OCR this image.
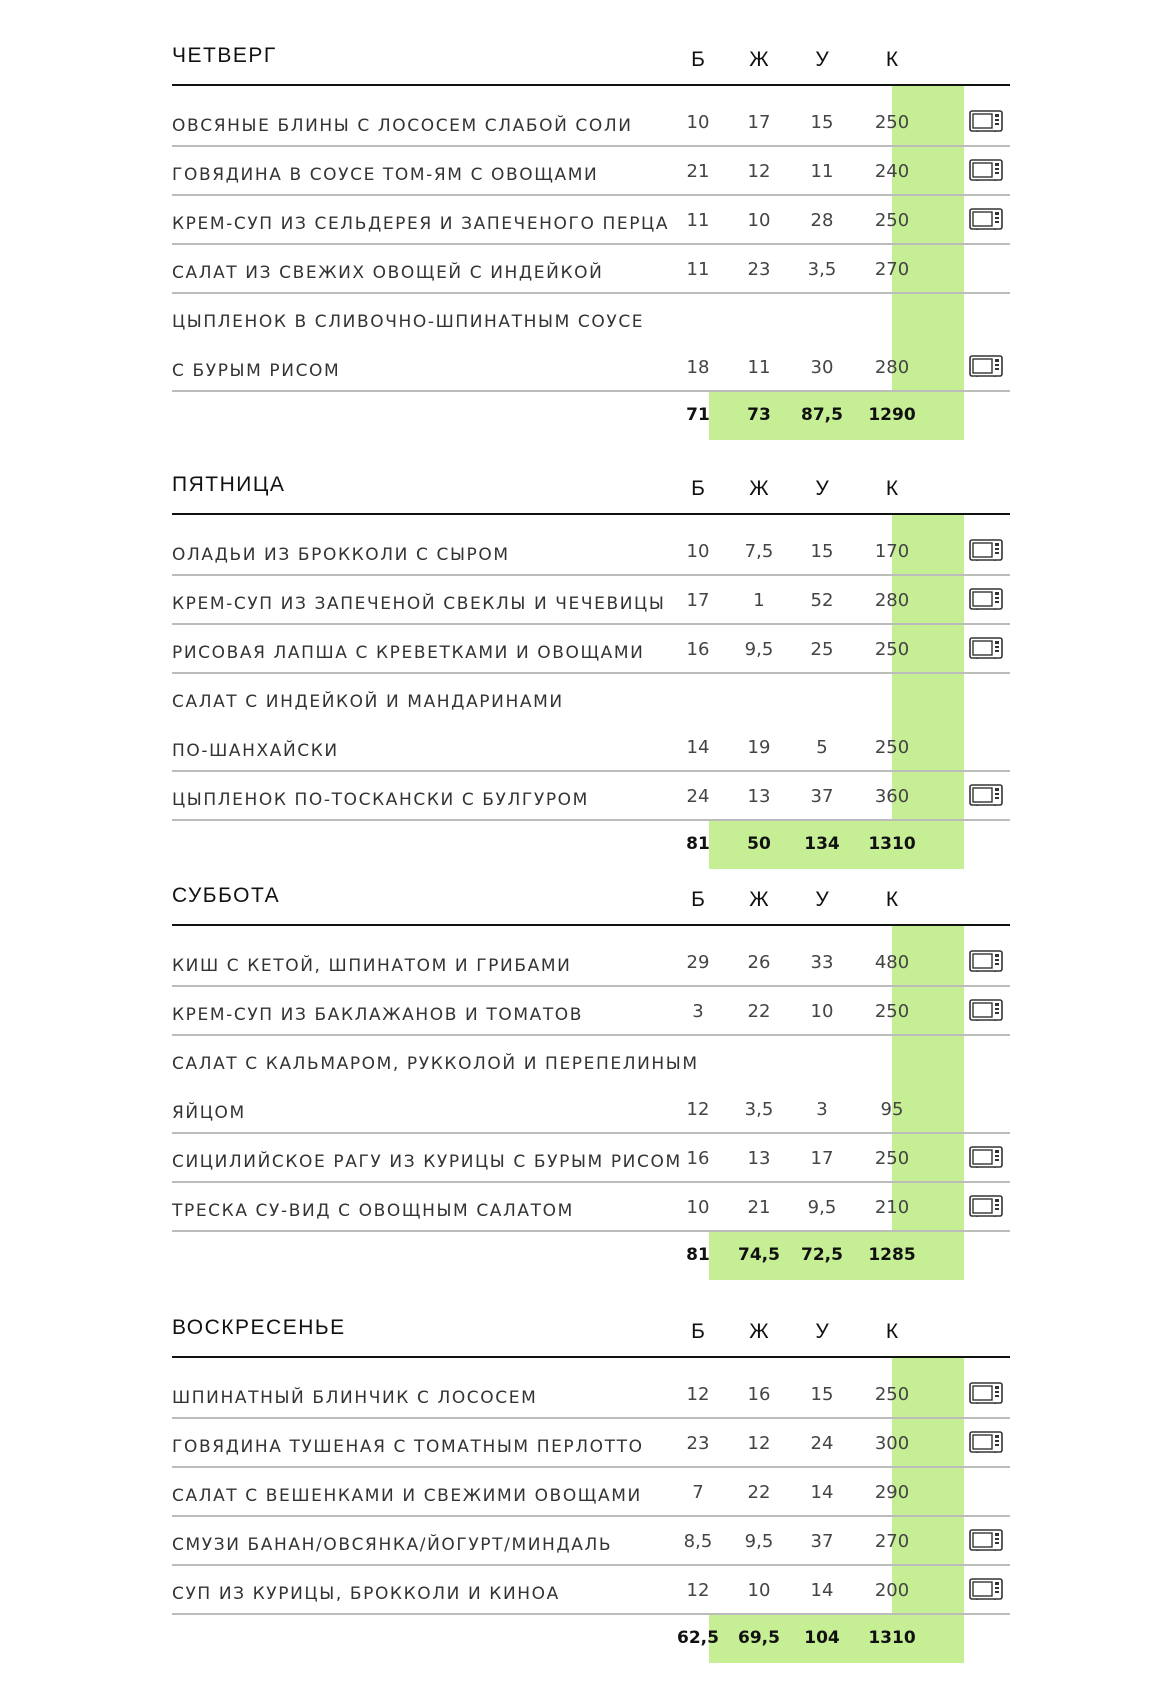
ЧЕТВЕРГ	Б	Ж	У	К
ОВСЯНЫЕ БЛИНЫ С ЛОСОСЕМ СЛАБОЙ СОЛИ	10	17	15	250
ГОВЯДИНА В СОУСЕ ТОМ-ЯМ С ОВОЩАМИ	21	12	11	240
КРЕМ-СУП ИЗ СЕЛЬДЕРЕЯ И ЗАПЕЧЕНОГО ПЕРЦА 11	10	28	250
САЛАТ ИЗ СВЕЖИХ ОВОЩЕЙ С ИНДЕЙКОЙ	11	23	3,5	270
ЦЫПЛЕНОК В СЛИВОЧНО-ШПИНАТНЫМ СОУСЕ
С БУРЫМ РИСОМ	18	11	30	280
71	73	87,5	1290
ПЯТНИЦА	Б	Ж	У	К
ОЛАДЬИ ИЗ БРОККОЛИ С СЫРОМ	10	7,5	15	170
КРЕМ-СУП ИЗ ЗАПЕЧЕНОЙ СВЕКЛЫ И ЧЕЧЕВИЦЫ	17	1	52	280
РИСОВАЯ ЛАПША С КРЕВЕТКАМИ И ОВОЩАМИ	16	9,5	25	250
САЛАТ С ИНДЕЙКОЙ И МАНДАРИНАМИ
ПО-ШАНХАЙСКИ	14	19	5	250
ЦЫПЛЕНОК ПО-ТОСКАНСКИ С БУЛГУРОМ	24	13	37	360
81	50	134	1310
СУББОТА	Б	Ж	У	К
КИШ С КЕТОЙ, ШПИНАТОМ И ГРИБАМИ	29	26	33	480
КРЕМ-СУП ИЗ БАКЛАЖАНОВ И ТОМАТОВ	3	22	10	250
САЛАТ С КАЛЬМАРОМ, РУККОЛОЙ И ПЕРЕПЕЛИНЫМ
ЯЙЦОМ	12	3,5	3	95
СИЦИЛИЙСКОЕ РАГУ ИЗ КУРИЦЫ С БУРЫМ РИСОМ 16	13	17	250
ТРЕСКА СУ-ВИД С ОВОЩНЫМ САЛАТОМ	10	21	9,5	210
81	74,5	72,5	1285
ВОСКРЕСЕНЬЕ	Б	Ж	У	К
ШПИНАТНЫЙ БЛИНЧИК С ЛОСОСЕМ	12	16	15	250
ГОВЯДИНА ТУШЕНАЯ С ТОМАТНЫМ ПЕРЛОТТО	23	12	24	300
САЛАТ С ВЕШЕНКАМИ И СВЕЖИМИ ОВОЩАМИ	7	22	14	290
СМУЗИ БАНАН/ОВСЯНКА/ЙОГУРТ/МИНДАЛЬ	8,5	9,5	37	270
СУП ИЗ КУРИЦЫ, БРОККОЛИ И КИНОА	12	10	14	200
62,5	69,5	104	1310
